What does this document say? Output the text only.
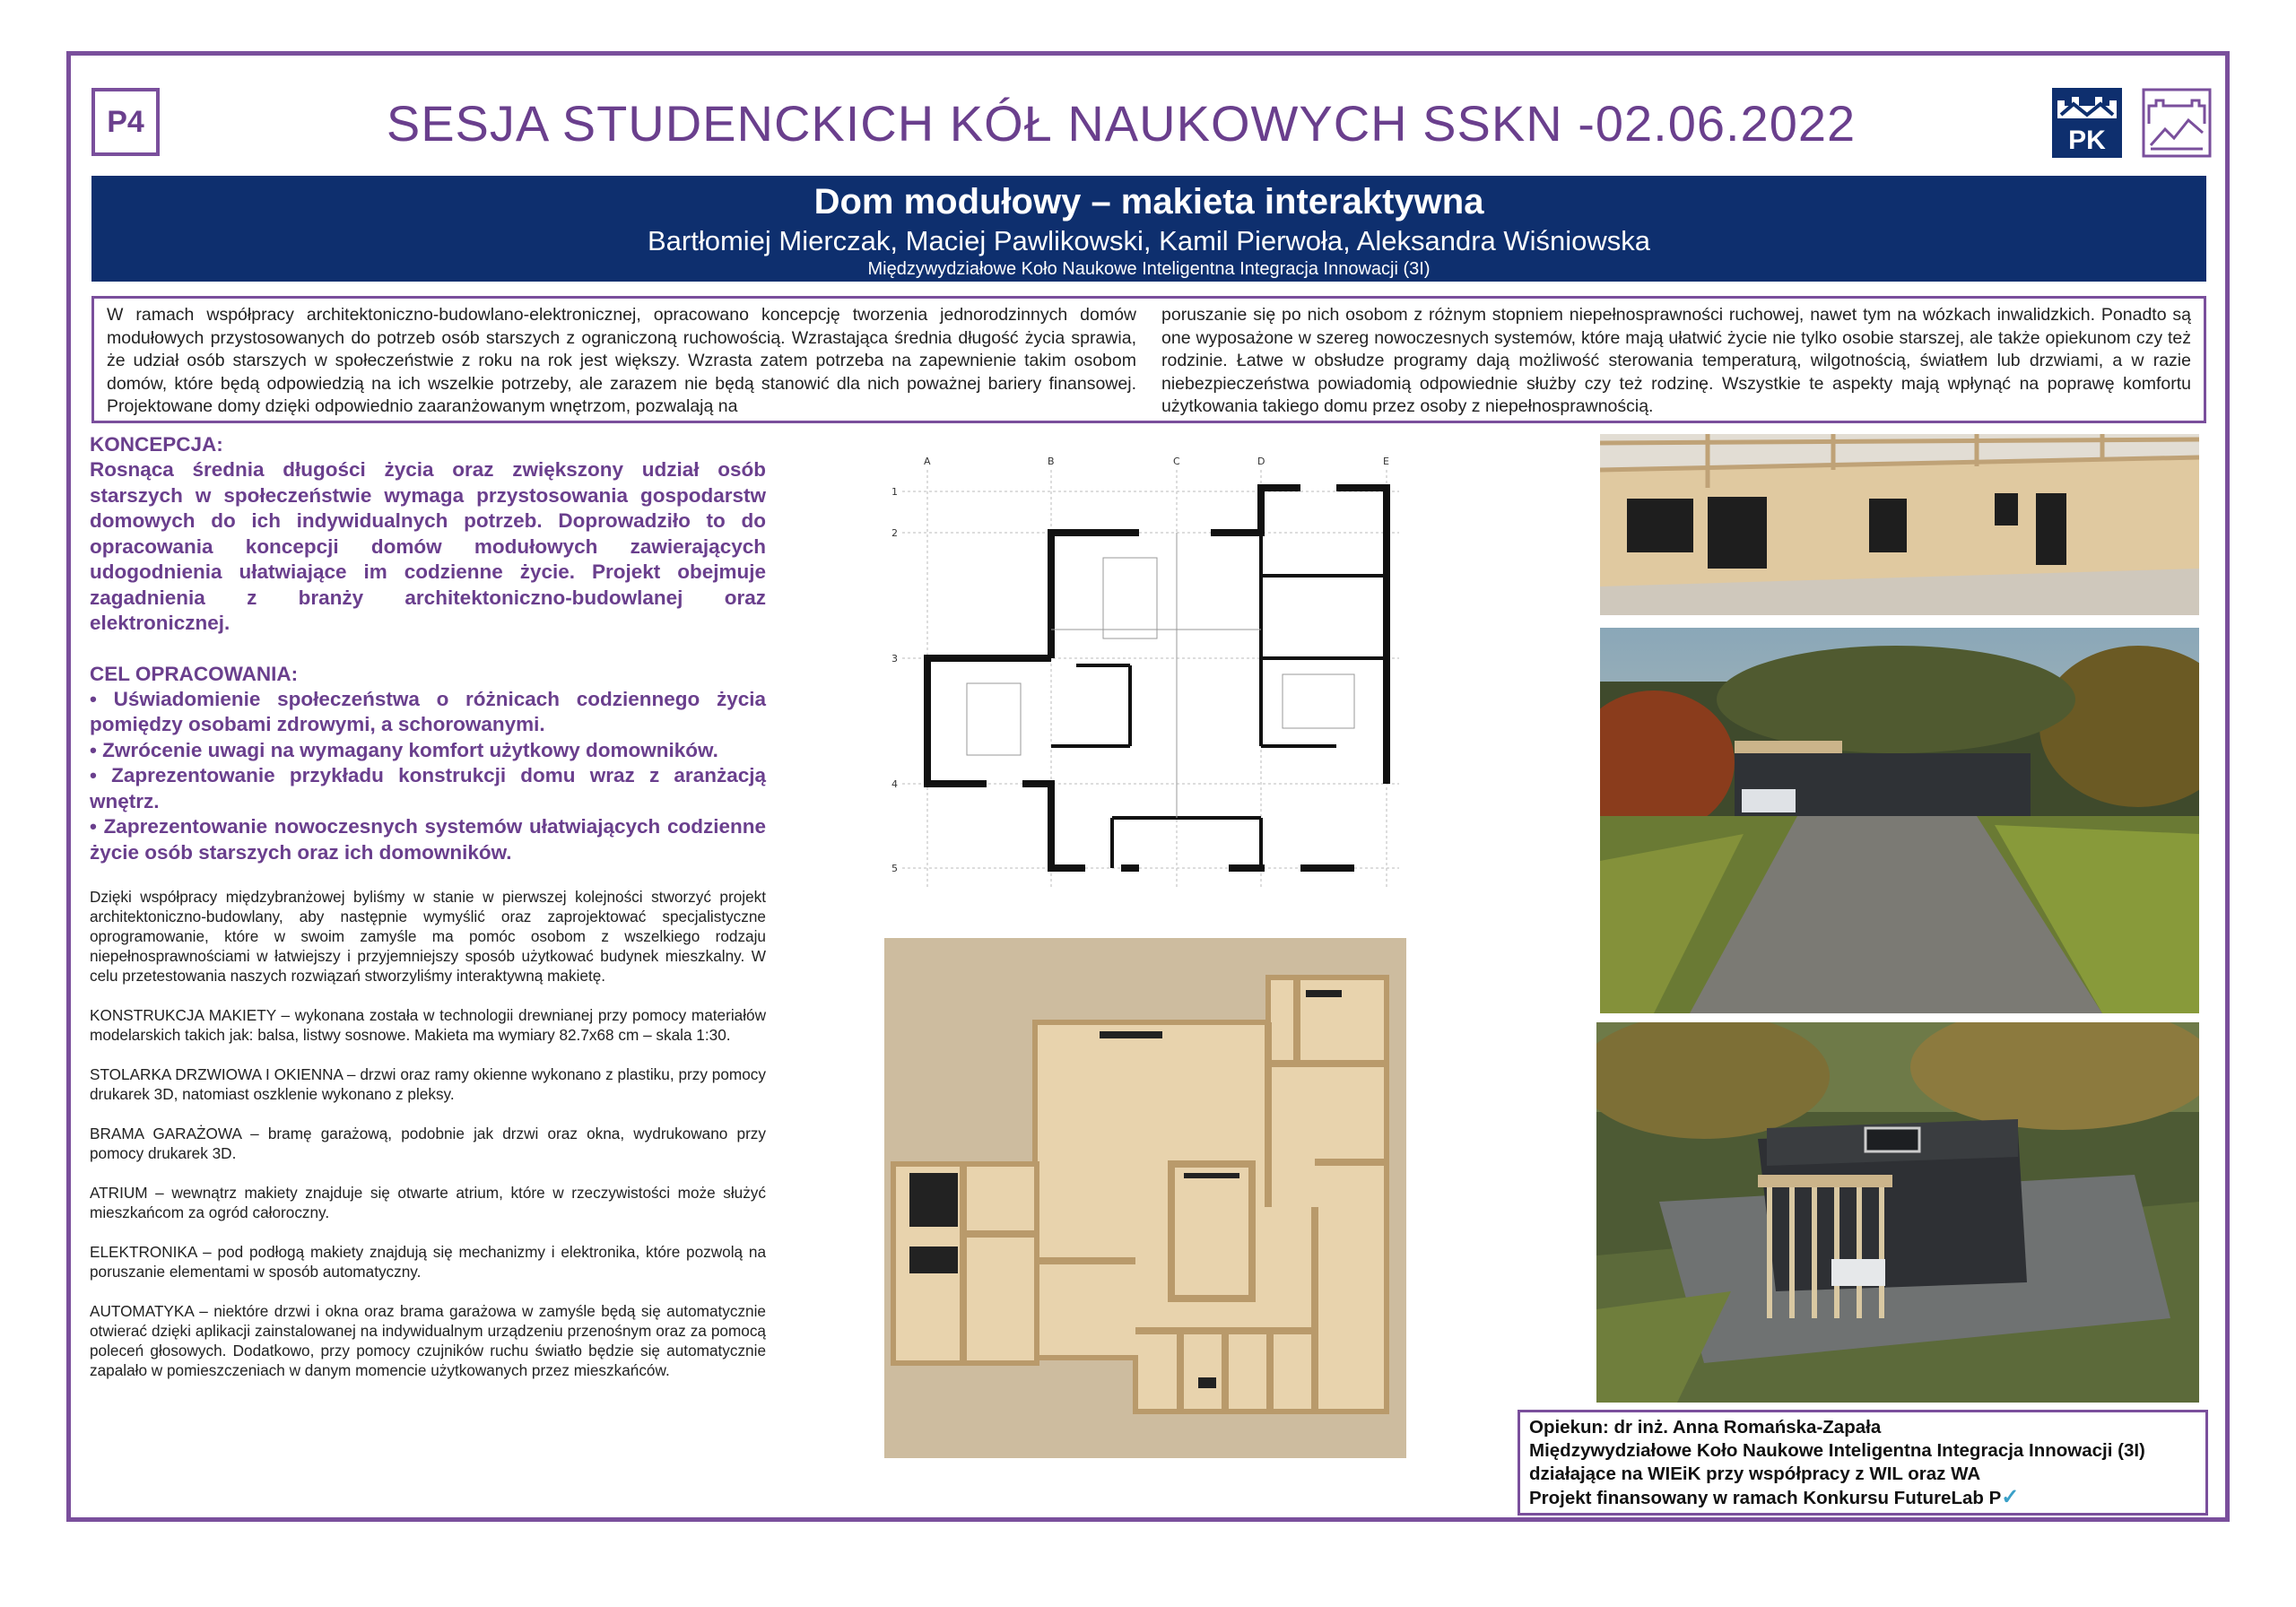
P4	SESJA STUDENCKICH KÓŁ NAUKOWYCH SSKN -02.06.2022	PK
Dom modułowy – makieta interaktywna
Bartłomiej Mierczak, Maciej Pawlikowski, Kamil Pierwoła, Aleksandra Wiśniowska
Międzywydziałowe Koło Naukowe Inteligentna Integracja Innowacji (3I)

W ramach współpracy architektoniczno-budowlano-elektronicznej, opracowano koncepcję tworzenia jednorodzinnych domów modułowych przystosowanych do potrzeb osób starszych z ograniczoną ruchowością. Wzrastająca średnia długość życia sprawia, że udział osób starszych w społeczeństwie z roku na rok jest większy. Wzrasta zatem potrzeba na zapewnienie takim osobom domów, które będą odpowiedzią na ich wszelkie potrzeby, ale zarazem nie będą stanowić dla nich poważnej bariery finansowej. Projektowane domy dzięki odpowiednio zaaranżowanym wnętrzom, pozwalają na

poruszanie się po nich osobom z różnym stopniem niepełnosprawności ruchowej, nawet tym na wózkach inwalidzkich. Ponadto są one wyposażone w szereg nowoczesnych systemów, które mają ułatwić życie nie tylko osobie starszej, ale także opiekunom czy też rodzinie. Łatwe w obsłudze programy dają możliwość sterowania temperaturą, wilgotnością, światłem lub drzwiami, a w razie niebezpieczeństwa powiadomią odpowiednie służby czy też rodzinę. Wszystkie te aspekty mają wpłynąć na poprawę komfortu użytkowania takiego domu przez osoby z niepełnosprawnością.

KONCEPCJA:

Rosnąca średnia długości życia oraz zwiększony udział osób starszych w społeczeństwie wymaga przystosowania gospodarstw domowych do ich indywidualnych potrzeb. Doprowadziło to do opracowania koncepcji domów modułowych zawierających udogodnienia ułatwiające im codzienne życie. Projekt obejmuje zagadnienia z branży architektoniczno-budowlanej oraz elektronicznej.

CEL OPRACOWANIA:
• Uświadomienie społeczeństwa o różnicach codziennego życia pomiędzy osobami zdrowymi, a schorowanymi.
• Zwrócenie uwagi na wymagany komfort użytkowy domowników.
• Zaprezentowanie przykładu konstrukcji domu wraz z aranżacją wnętrz.
• Zaprezentowanie nowoczesnych systemów ułatwiających codzienne życie osób starszych oraz ich domowników.

Dzięki współpracy międzybranżowej byliśmy w stanie w pierwszej kolejności stworzyć projekt architektoniczno-budowlany, aby następnie wymyślić oraz zaprojektować specjalistyczne oprogramowanie, które w swoim zamyśle ma pomóc osobom z wszelkiego rodzaju niepełnosprawnościami w łatwiejszy i przyjemniejszy sposób użytkować budynek mieszkalny. W celu przetestowania naszych rozwiązań stworzyliśmy interaktywną makietę.

KONSTRUKCJA MAKIETY – wykonana została w technologii drewnianej przy pomocy materiałów modelarskich takich jak: balsa, listwy sosnowe. Makieta ma wymiary 82.7x68 cm – skala 1:30.

STOLARKA DRZWIOWA I OKIENNA – drzwi oraz ramy okienne wykonano z plastiku, przy pomocy drukarek 3D, natomiast oszklenie wykonano z pleksy.

BRAMA GARAŻOWA – bramę garażową, podobnie jak drzwi oraz okna, wydrukowano przy pomocy drukarek 3D.

ATRIUM – wewnątrz makiety znajduje się otwarte atrium, które w rzeczywistości może służyć mieszkańcom za ogród całoroczny.

ELEKTRONIKA – pod podłogą makiety znajdują się mechanizmy i elektronika, które pozwolą na poruszanie elementami w sposób automatyczny.

AUTOMATYKA – niektóre drzwi i okna oraz brama garażowa w zamyśle będą się automatycznie otwierać dzięki aplikacji zainstalowanej na indywidualnym urządzeniu przenośnym oraz za pomocą poleceń głosowych. Dodatkowo, przy pomocy czujników ruchu światło będzie się automatycznie zapalało w pomieszczeniach w danym momencie użytkowanych przez mieszkańców.

A	B	C	D	E
1
2
3
4
5
Opiekun: dr inż. Anna Romańska-Zapała
Międzywydziałowe Koło Naukowe Inteligentna Integracja Innowacji (3I)
działające na WIEiK przy współpracy z WIL oraz WA
Projekt finansowany w ramach Konkursu FutureLab P✓
